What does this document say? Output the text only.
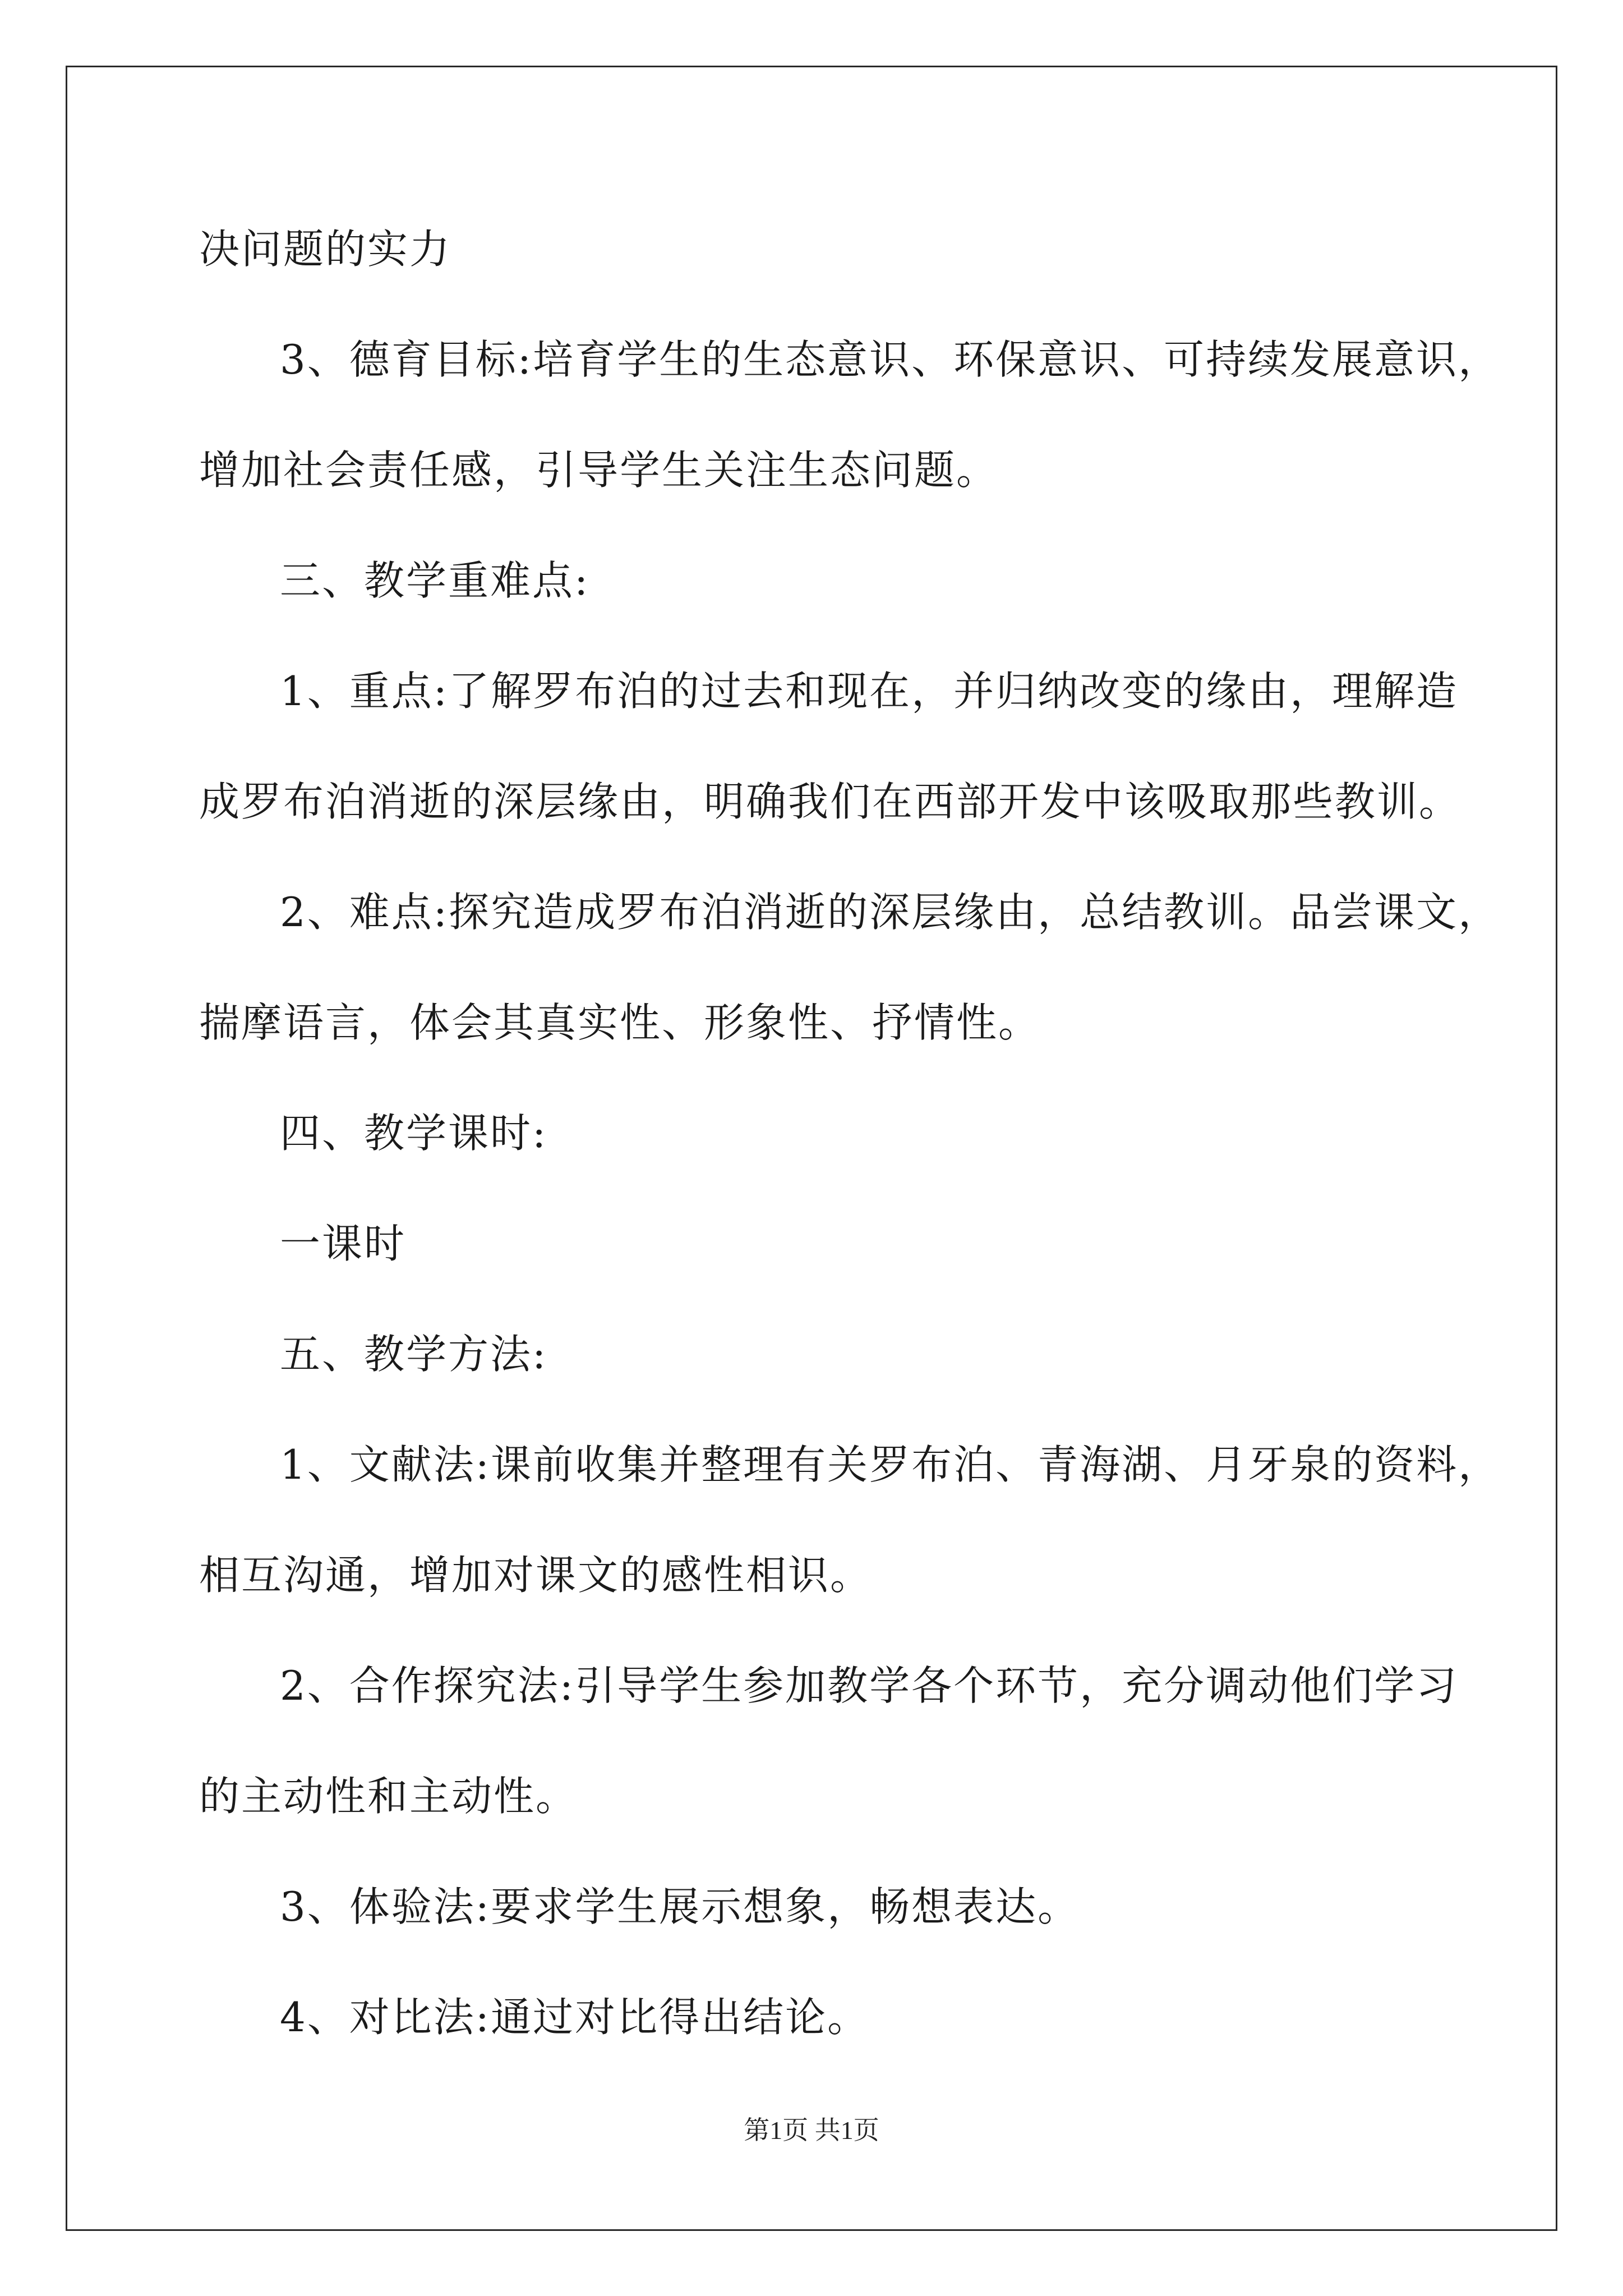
决问题的实力
3、德育目标:培育学生的生态意识、环保意识、可持续发展意识，
增加社会责任感，引导学生关注生态问题。
三、教学重难点:
1、重点:了解罗布泊的过去和现在，并归纳改变的缘由，理解造
成罗布泊消逝的深层缘由，明确我们在西部开发中该吸取那些教训。
2、难点:探究造成罗布泊消逝的深层缘由，总结教训。品尝课文，
揣摩语言，体会其真实性、形象性、抒情性。
四、教学课时:
一课时
五、教学方法:
1、文献法:课前收集并整理有关罗布泊、青海湖、月牙泉的资料，
相互沟通，增加对课文的感性相识。
2、合作探究法:引导学生参加教学各个环节，充分调动他们学习
的主动性和主动性。
3、体验法:要求学生展示想象，畅想表达。
4、对比法:通过对比得出结论。
第1页 共1页
